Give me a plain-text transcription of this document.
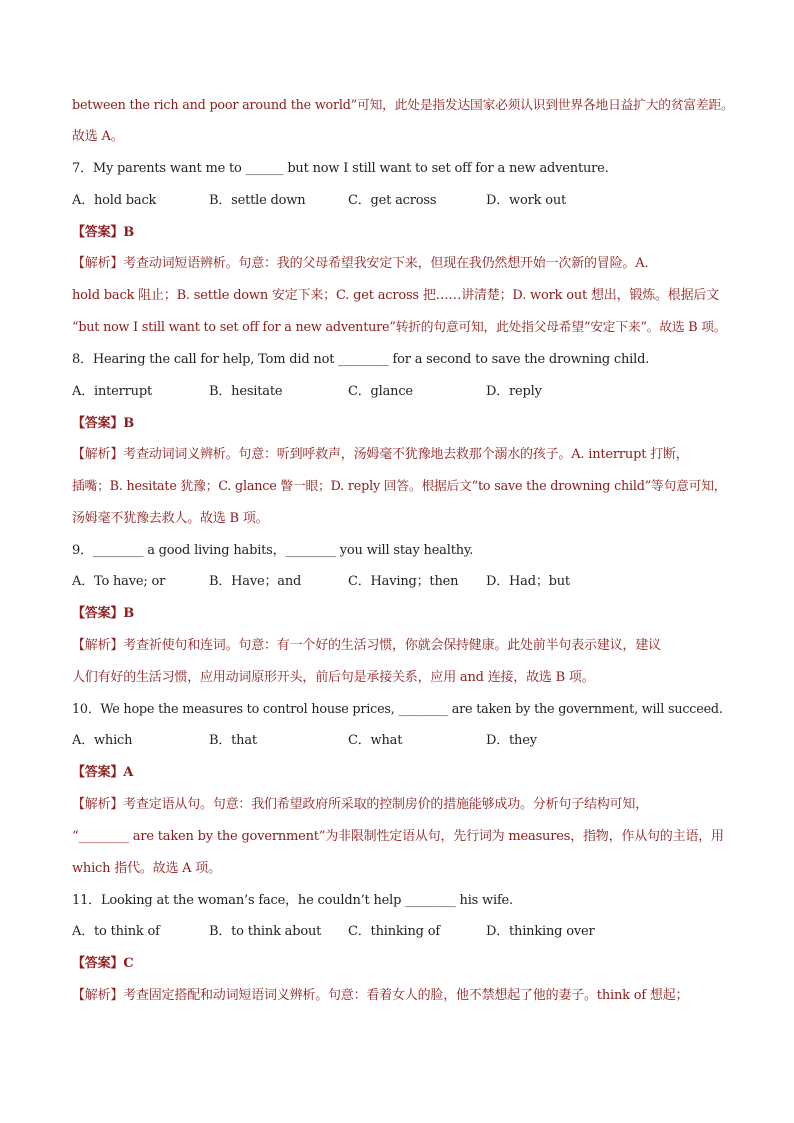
between the rich and poor around the world”可知，此处是指发达国家必须认识到世界各地日益扩大的贫富差距。
故选 A。
7．My parents want me to ______ but now I still want to set off for a new adventure.
A．hold back	B．settle down	C．get across	D．work out
【答案】B
【解析】考查动词短语辨析。句意：我的父母希望我安定下来，但现在我仍然想开始一次新的冒险。A.
hold back 阻止；B. settle down 安定下来；C. get across 把……讲清楚；D. work out 想出，锻炼。根据后文
“but now I still want to set off for a new adventure”转折的句意可知，此处指父母希望“安定下来”。故选 B 项。
8．Hearing the call for help, Tom did not ________ for a second to save the drowning child.
A．interrupt	B．hesitate	C．glance	D．reply
【答案】B
【解析】考查动词词义辨析。句意：听到呼救声，汤姆毫不犹豫地去救那个溺水的孩子。A. interrupt 打断，
插嘴；B. hesitate 犹豫；C. glance 瞥一眼；D. reply 回答。根据后文“to save the drowning child”等句意可知，
汤姆毫不犹豫去救人。故选 B 项。
9．________ a good living habits，________ you will stay healthy.
A．To have; or	B．Have；and	C．Having；then D．Had；but
【答案】B
【解析】考查祈使句和连词。句意：有一个好的生活习惯，你就会保持健康。此处前半句表示建议，建议
人们有好的生活习惯，应用动词原形开头，前后句是承接关系，应用 and 连接，故选 B 项。
10．We hope the measures to control house prices, ________ are taken by the government, will succeed.
A．which	B．that	C．what	D．they
【答案】A
【解析】考查定语从句。句意：我们希望政府所采取的控制房价的措施能够成功。分析句子结构可知，
“________ are taken by the government”为非限制性定语从句，先行词为 measures，指物，作从句的主语，用
which 指代。故选 A 项。
11．Looking at the woman’s face，he couldn’t help ________ his wife.
A．to think of	B．to think about C．thinking of	D．thinking over
【答案】C
【解析】考查固定搭配和动词短语词义辨析。句意：看着女人的脸，他不禁想起了他的妻子。think of 想起；
